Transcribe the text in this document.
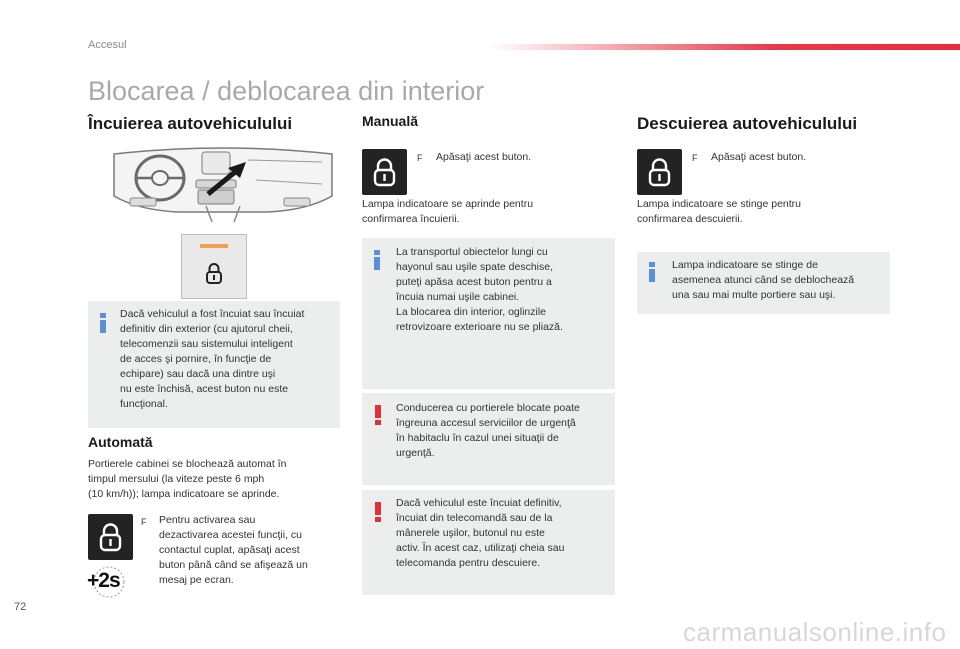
Accesul
Blocarea / deblocarea din interior
Încuierea autovehiculului
Dacă vehiculul a fost încuiat sau încuiat
definitiv din exterior (cu ajutorul cheii,
telecomenzii sau sistemului inteligent
de acces şi pornire, în funcţie de
echipare) sau dacă una dintre uşi
nu este închisă, acest buton nu este
funcţional.
Automată
Portierele cabinei se blochează automat în
timpul mersului (la viteze peste 6 mph
(10 km/h)); lampa indicatoare se aprinde.
+2s
F Pentru activarea sau
dezactivarea acestei funcţii, cu
contactul cuplat, apăsaţi acest
buton până când se afişează un
mesaj pe ecran.
Manuală
F Apăsaţi acest buton.
Lampa indicatoare se aprinde pentru
confirmarea încuierii.
La transportul obiectelor lungi cu
hayonul sau uşile spate deschise,
puteţi apăsa acest buton pentru a
încuia numai uşile cabinei.
La blocarea din interior, oglinzile
retrovizoare exterioare nu se pliază.
Conducerea cu portierele blocate poate
îngreuna accesul serviciilor de urgenţă
în habitaclu în cazul unei situaţii de
urgenţă.
Dacă vehiculul este încuiat definitiv,
încuiat din telecomandă sau de la
mânerele uşilor, butonul nu este
activ. În acest caz, utilizaţi cheia sau
telecomanda pentru descuiere.
Descuierea autovehiculului
F Apăsaţi acest buton.
Lampa indicatoare se stinge pentru
confirmarea descuierii.
Lampa indicatoare se stinge de
asemenea atunci când se deblochează
una sau mai multe portiere sau uşi.
72
carmanualsonline.info
